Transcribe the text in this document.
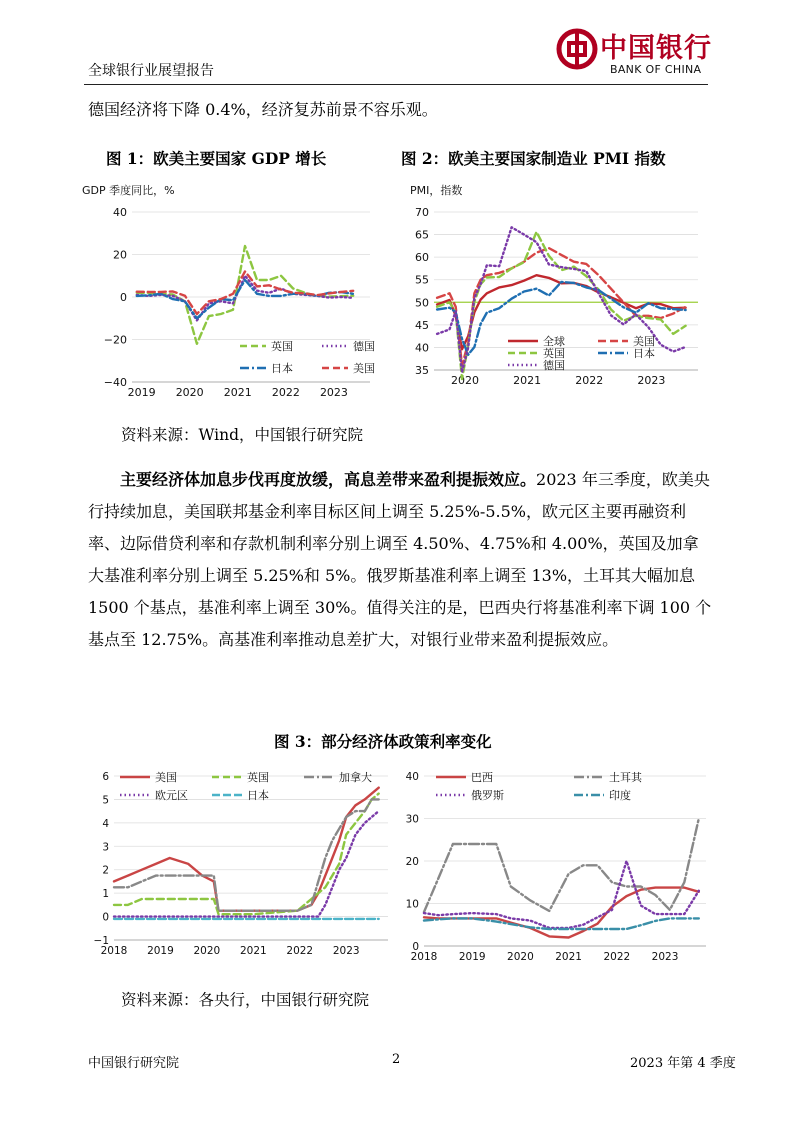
全球银行业展望报告
中国银行
BANK OF CHINA
德国经济将下降 0.4%，经济复苏前景不容乐观。
图 1：欧美主要国家 GDP 增长	图 2：欧美主要国家制造业 PMI 指数
GDP 季度同比，%
40
20
0
−20
−40
2019 2020 2021 2022 2023
英国	德国
日本	美国
PMI，指数
70
65
60
55
50
45
40
35
2020	2021	2022	2023
全球	美国
英国	日本
德国
资料来源：Wind，中国银行研究院
主要经济体加息步伐再度放缓，高息差带来盈利提振效应。2023 年三季度，欧美央行持续加息，美国联邦基金利率目标区间上调至 5.25%-5.5%，欧元区主要再融资利率、边际借贷利率和存款机制利率分别上调至 4.50%、4.75%和 4.00%，英国及加拿大基准利率分别上调至 5.25%和 5%。俄罗斯基准利率上调至 13%，土耳其大幅加息 1500 个基点，基准利率上调至 30%。值得关注的是，巴西央行将基准利率下调 100 个基点至 12.75%。高基准利率推动息差扩大，对银行业带来盈利提振效应。
图 3：部分经济体政策利率变化
6
5
4
3
2
1
0
−1
2018 2019 2020 2021 2022 2023
美国	英国	加拿大
欧元区	日本
40
30
20
10
0
2018 2019 2020 2021 2022 2023
巴西	土耳其
俄罗斯	印度
资料来源：各央行，中国银行研究院
中国银行研究院	2	2023 年第 4 季度
